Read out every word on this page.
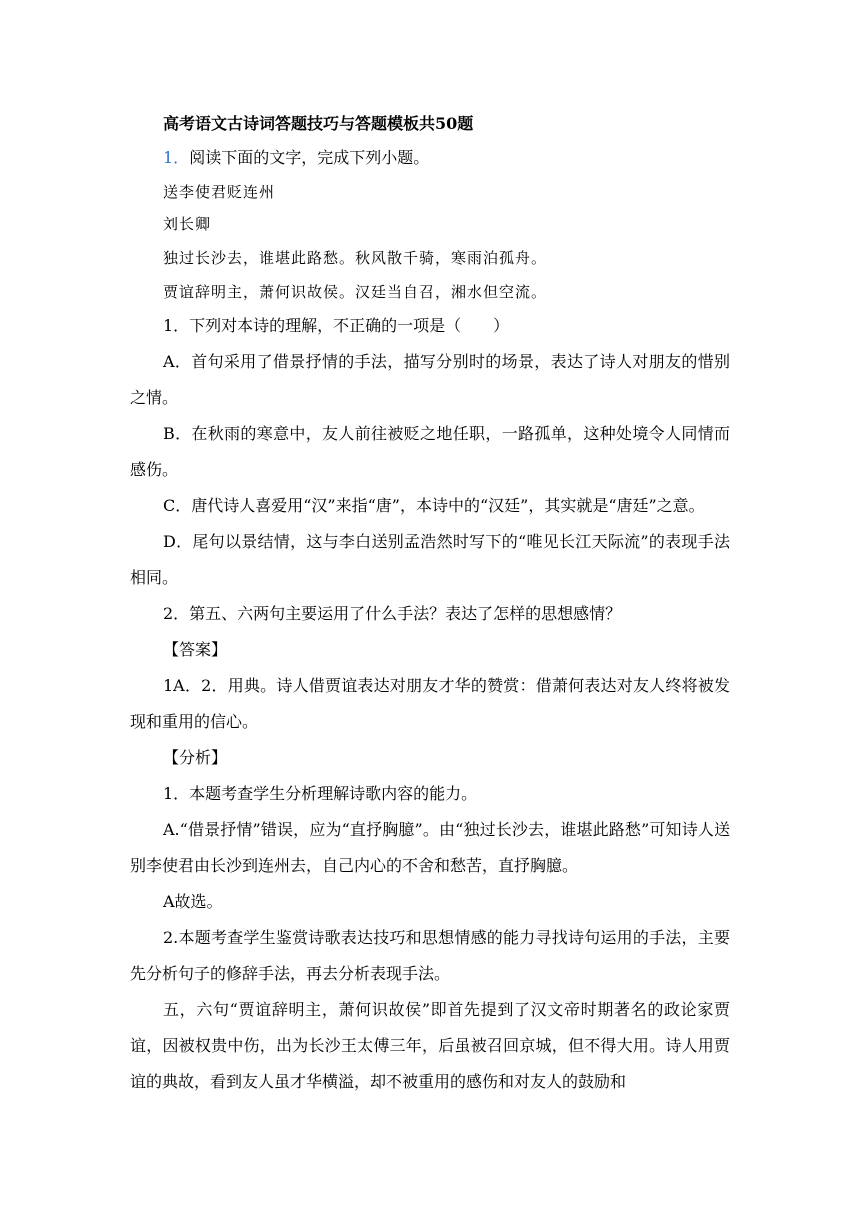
高考语文古诗词答题技巧与答题模板共50题
1．阅读下面的文字，完成下列小题。
送李使君贬连州
刘长卿
独过长沙去，谁堪此路愁。秋风散千骑，寒雨泊孤舟。
贾谊辞明主，萧何识故侯。汉廷当自召，湘水但空流。

1．下列对本诗的理解，不正确的一项是（　　）

A．首句采用了借景抒情的手法，描写分别时的场景，表达了诗人对朋友的惜别之情。

B．在秋雨的寒意中，友人前往被贬之地任职，一路孤单，这种处境令人同情而感伤。

C．唐代诗人喜爱用“汉”来指“唐”，本诗中的“汉廷”，其实就是“唐廷”之意。

D．尾句以景结情，这与李白送别孟浩然时写下的“唯见长江天际流”的表现手法相同。

2．第五、六两句主要运用了什么手法？表达了怎样的思想感情？

【答案】

1A．2．用典。诗人借贾谊表达对朋友才华的赞赏：借萧何表达对友人终将被发现和重用的信心。

【分析】

1．本题考查学生分析理解诗歌内容的能力。

A.“借景抒情”错误，应为“直抒胸臆”。由“独过长沙去，谁堪此路愁”可知诗人送别李使君由长沙到连州去，自己内心的不舍和愁苦，直抒胸臆。

A故选。

2.本题考查学生鉴赏诗歌表达技巧和思想情感的能力寻找诗句运用的手法，主要先分析句子的修辞手法，再去分析表现手法。

五，六句“贾谊辞明主，萧何识故侯”即首先提到了汉文帝时期著名的政论家贾谊，因被权贵中伤，出为长沙王太傅三年，后虽被召回京城，但不得大用。诗人用贾谊的典故，看到友人虽才华横溢，却不被重用的感伤和对友人的鼓励和
